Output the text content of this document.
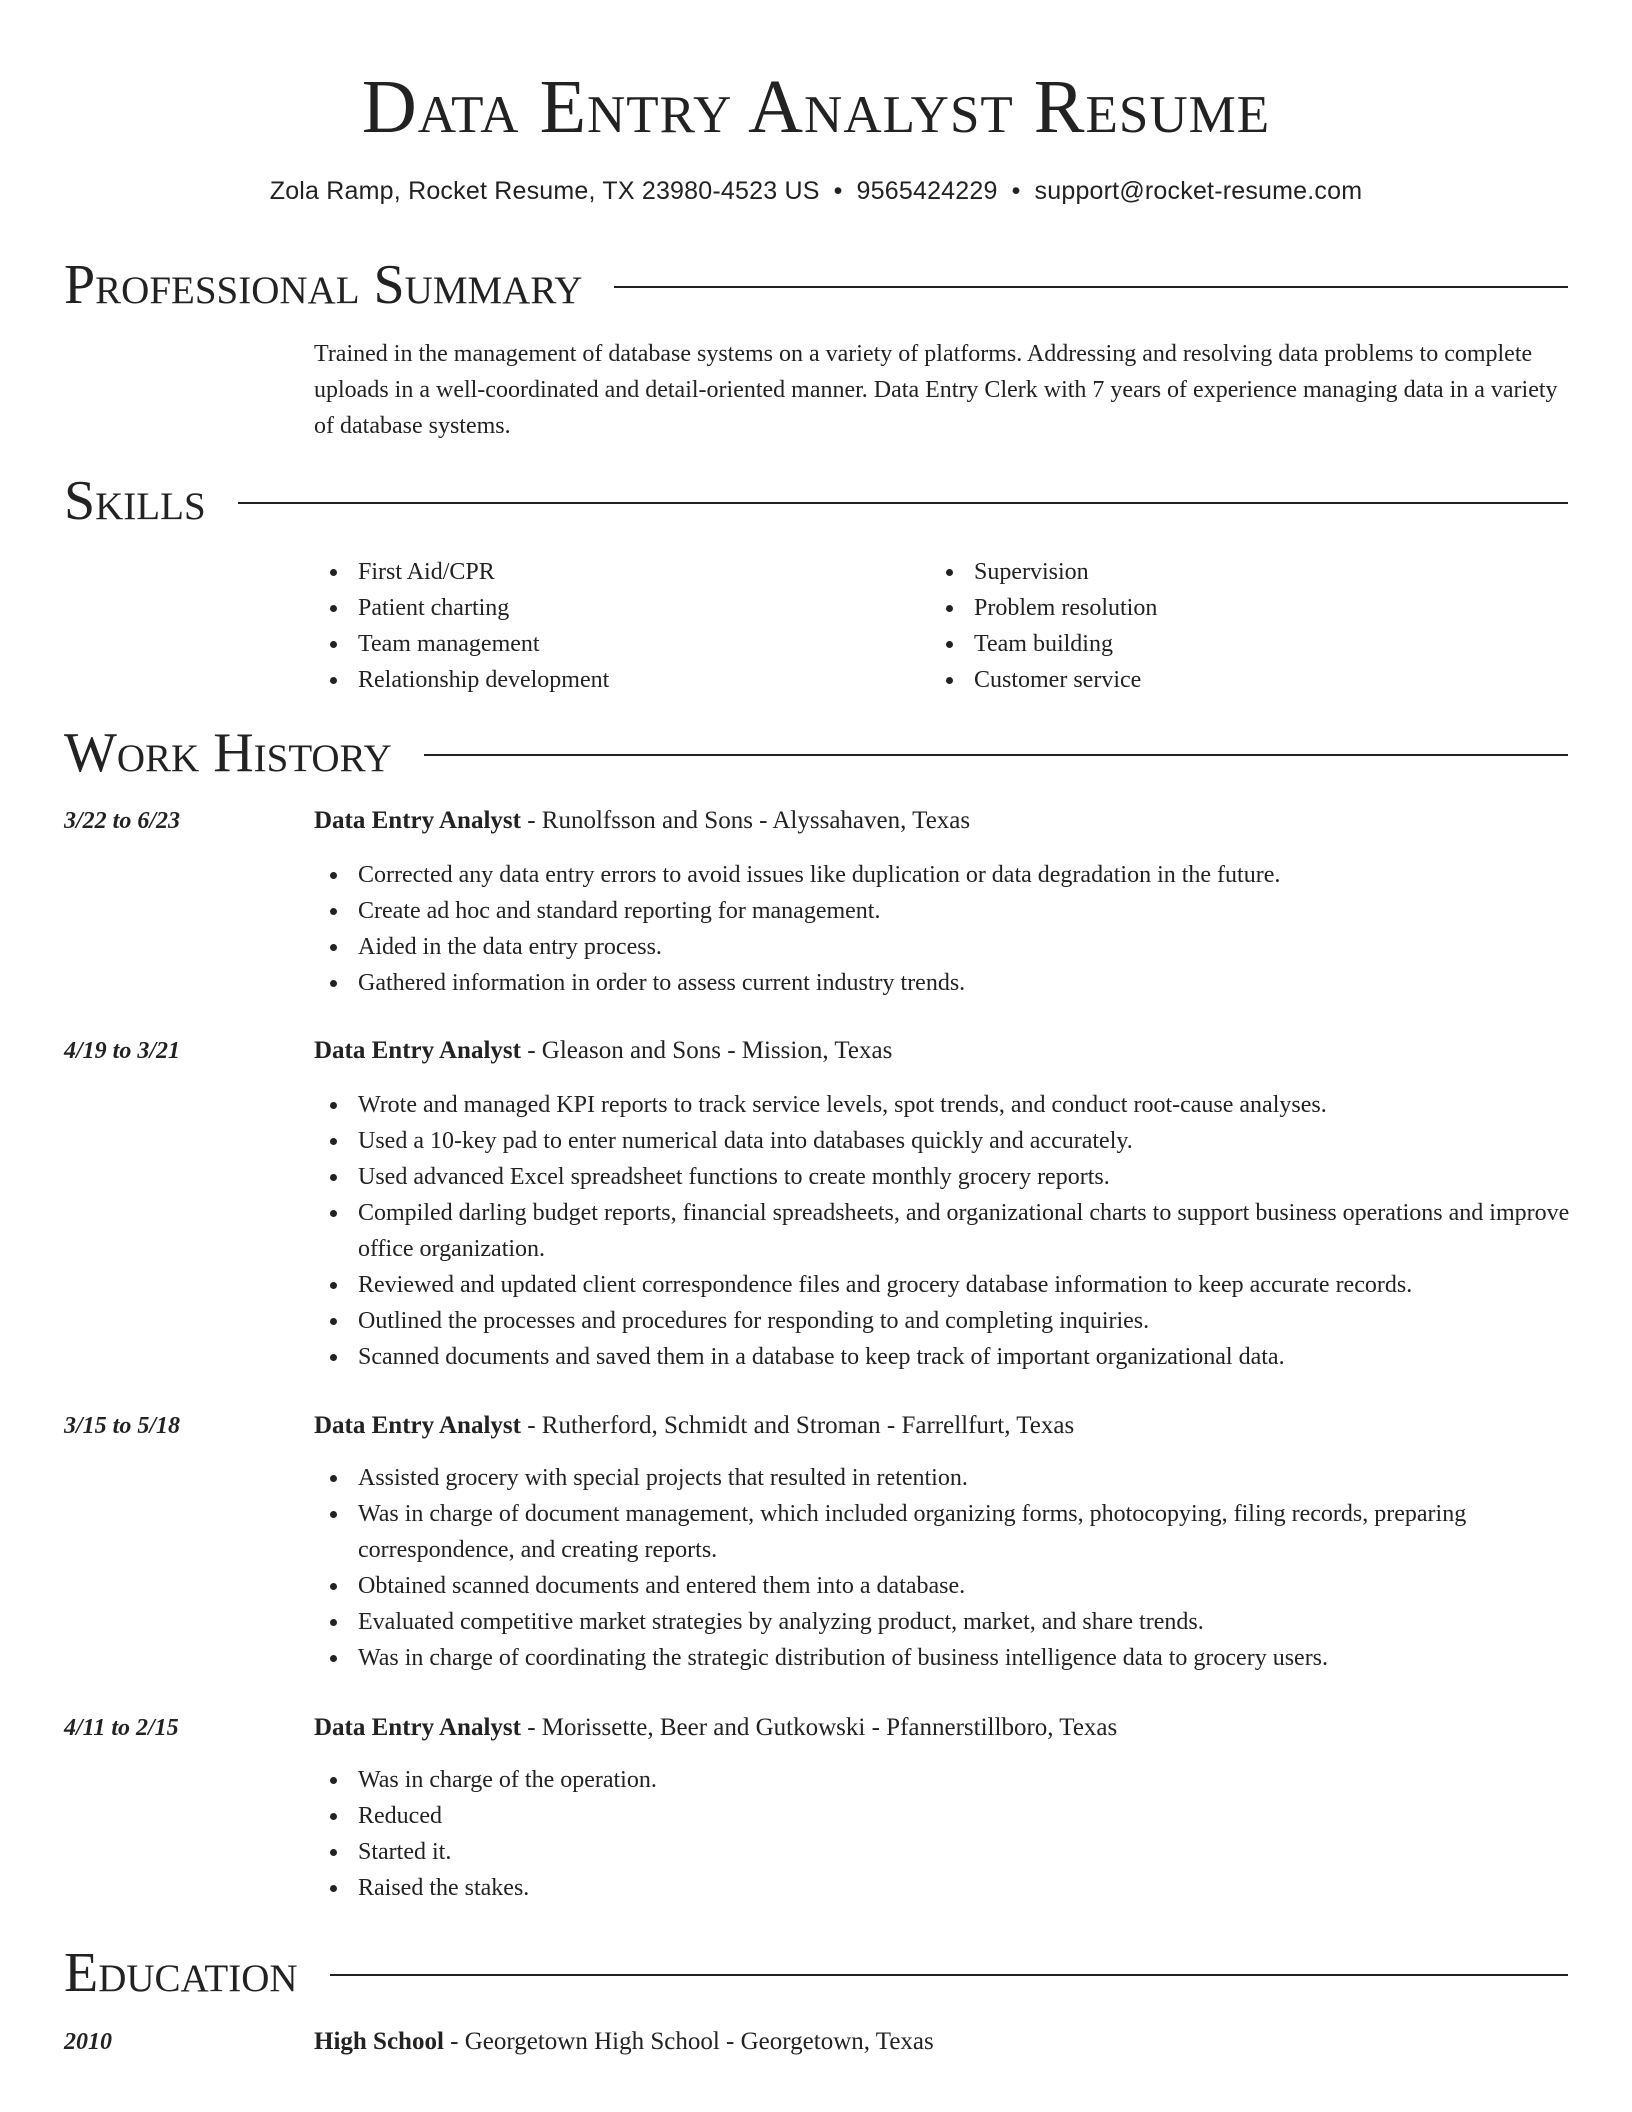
Data Entry Analyst Resume
Zola Ramp, Rocket Resume, TX 23980-4523 US • 9565424229 • support@rocket-resume.com
Professional Summary

Trained in the management of database systems on a variety of platforms. Addressing and resolving data problems to complete uploads in a well-coordinated and detail-oriented manner. Data Entry Clerk with 7 years of experience managing data in a variety of database systems.

Skills
First Aid/CPR
Patient charting
Team management
Relationship development
Supervision
Problem resolution
Team building
Customer service
Work History
3/22 to 6/23	Data Entry Analyst - Runolfsson and Sons - Alyssahaven, Texas
Corrected any data entry errors to avoid issues like duplication or data degradation in the future.
Create ad hoc and standard reporting for management.
Aided in the data entry process.
Gathered information in order to assess current industry trends.
4/19 to 3/21	Data Entry Analyst - Gleason and Sons - Mission, Texas
Wrote and managed KPI reports to track service levels, spot trends, and conduct root-cause analyses.
Used a 10-key pad to enter numerical data into databases quickly and accurately.
Used advanced Excel spreadsheet functions to create monthly grocery reports.
Compiled darling budget reports, financial spreadsheets, and organizational charts to support business operations and improve office organization.
Reviewed and updated client correspondence files and grocery database information to keep accurate records.
Outlined the processes and procedures for responding to and completing inquiries.
Scanned documents and saved them in a database to keep track of important organizational data.
3/15 to 5/18	Data Entry Analyst - Rutherford, Schmidt and Stroman - Farrellfurt, Texas
Assisted grocery with special projects that resulted in retention.
Was in charge of document management, which included organizing forms, photocopying, filing records, preparing correspondence, and creating reports.
Obtained scanned documents and entered them into a database.
Evaluated competitive market strategies by analyzing product, market, and share trends.
Was in charge of coordinating the strategic distribution of business intelligence data to grocery users.
4/11 to 2/15	Data Entry Analyst - Morissette, Beer and Gutkowski - Pfannerstillboro, Texas
Was in charge of the operation.
Reduced
Started it.
Raised the stakes.
Education
2010	High School - Georgetown High School - Georgetown, Texas
